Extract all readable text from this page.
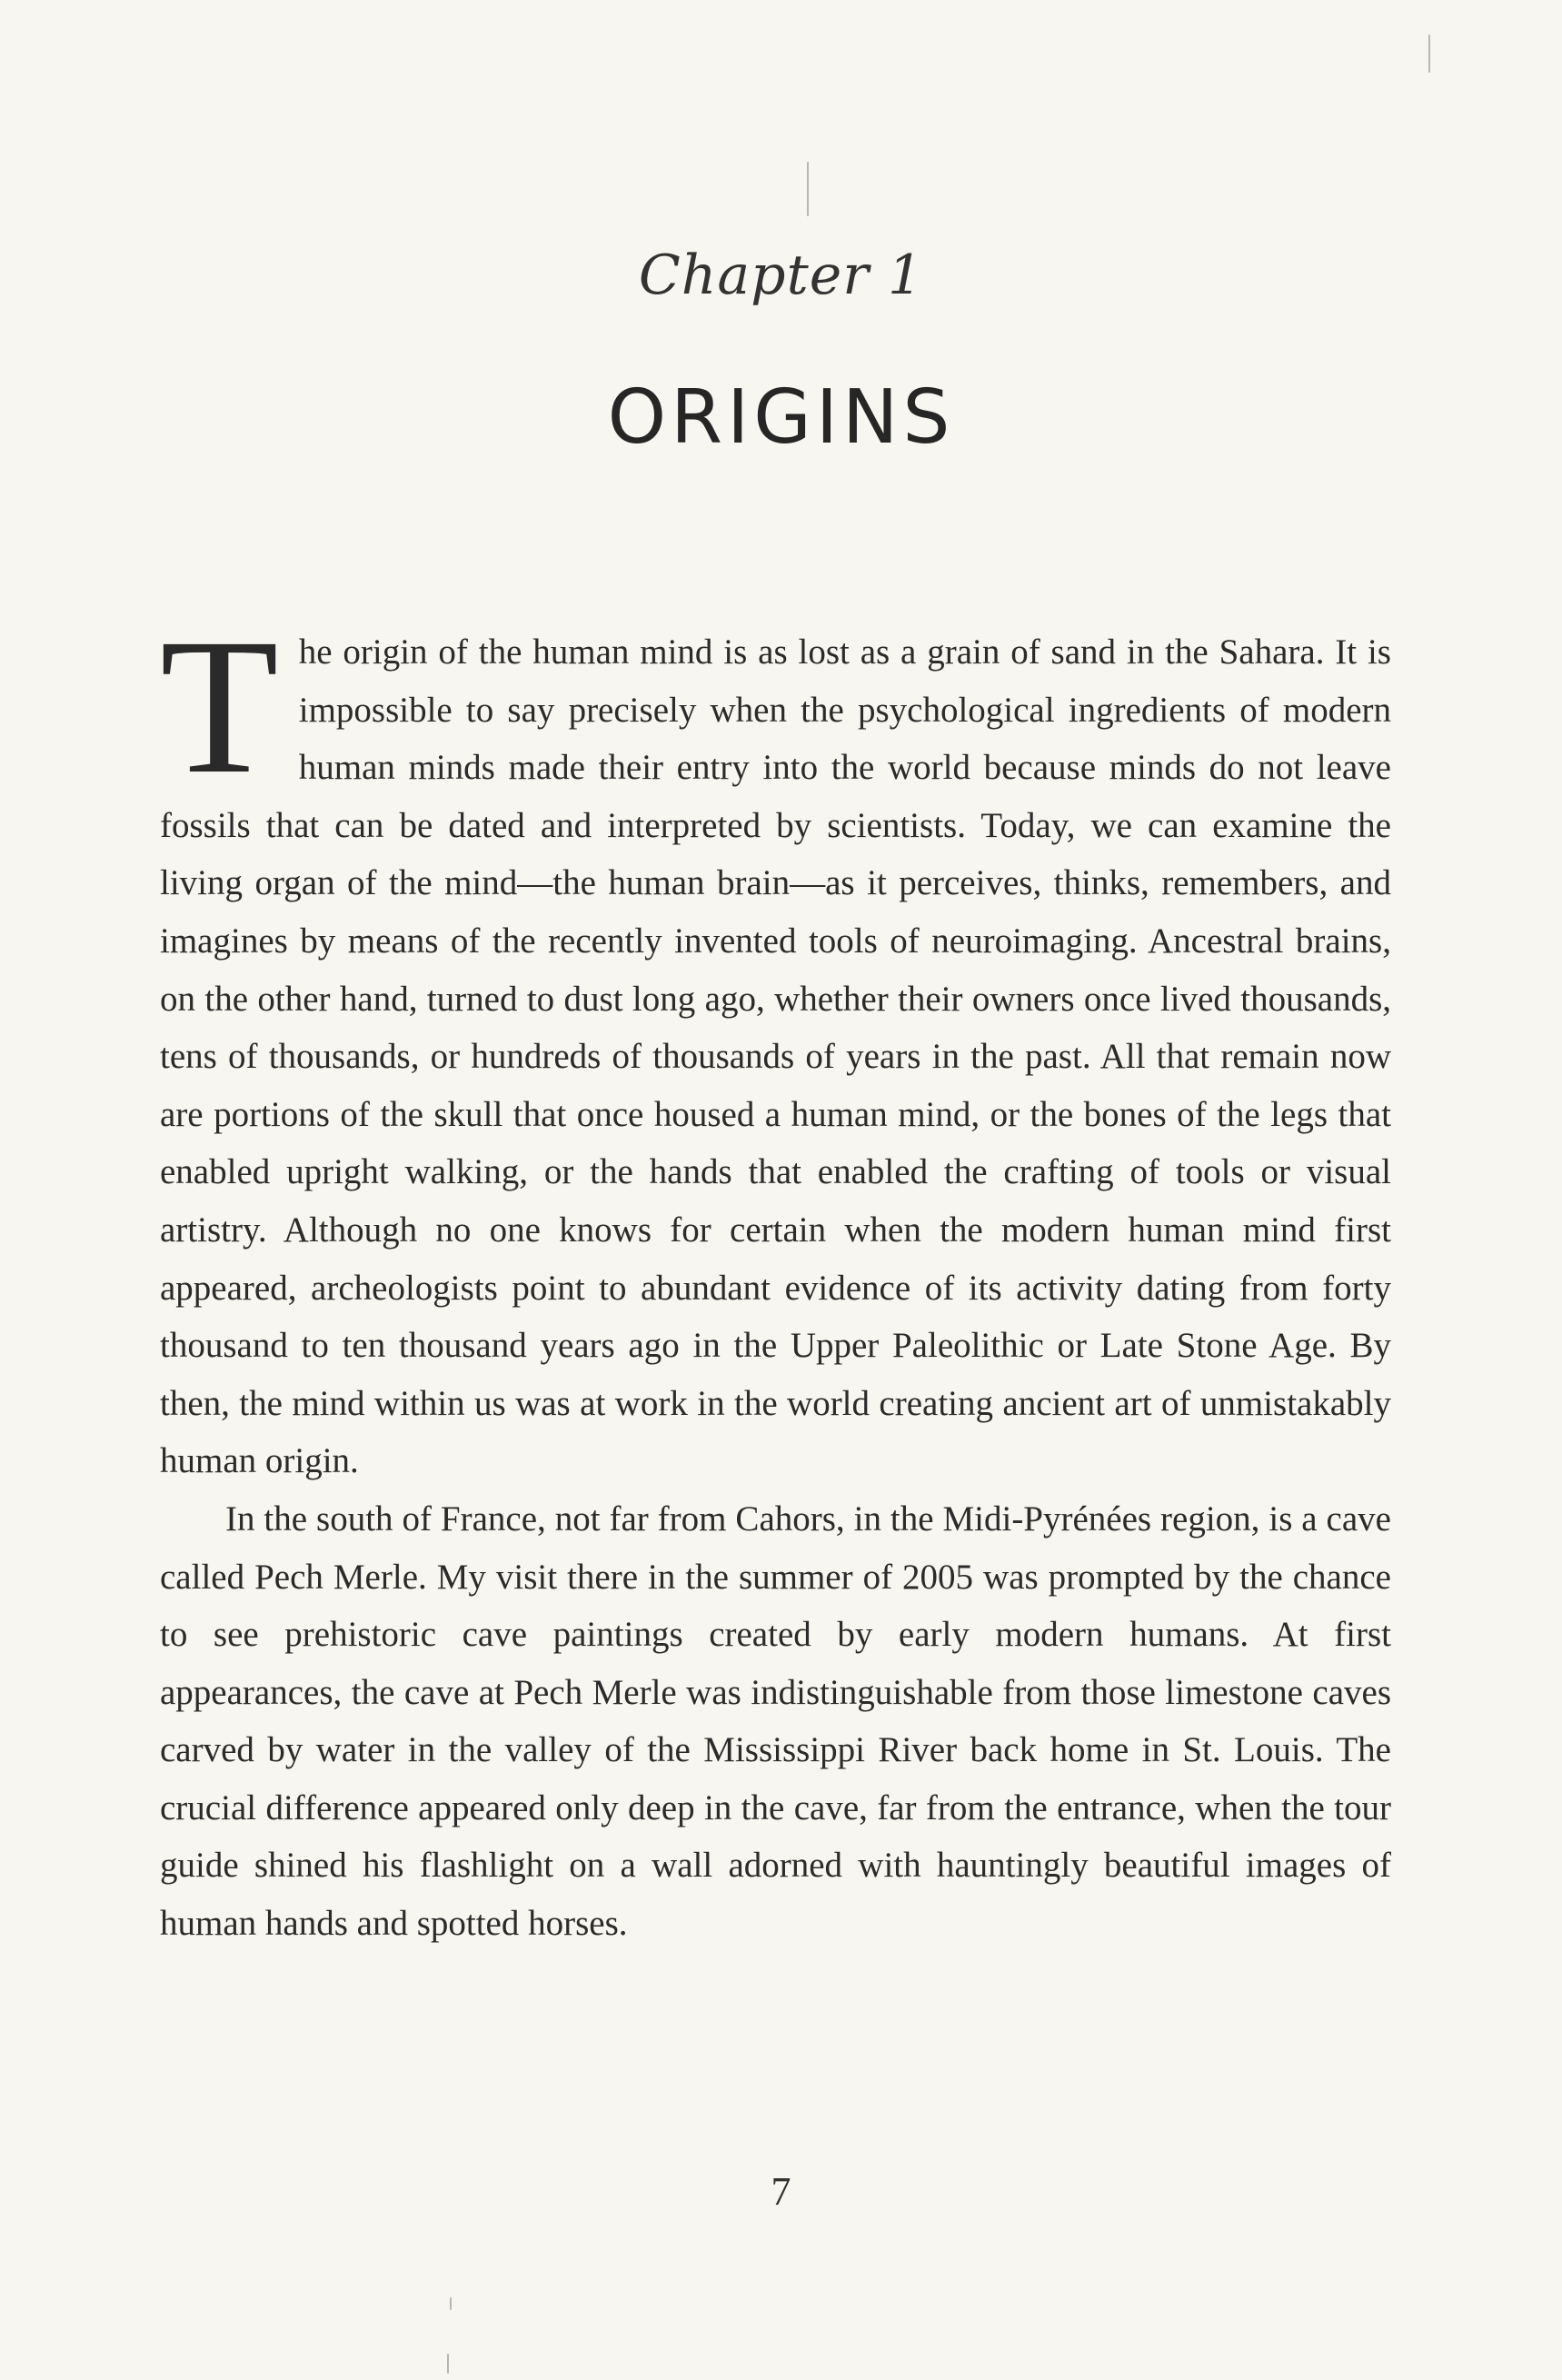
Chapter 1
ORIGINS

The origin of the human mind is as lost as a grain of sand in the Sahara. It is impossible to say precisely when the psychological ingredients of modern human minds made their entry into the world because minds do not leave fossils that can be dated and interpreted by scientists. Today, we can examine the living organ of the mind—the human brain—as it perceives, thinks, remembers, and imagines by means of the recently invented tools of neuroimaging. Ancestral brains, on the other hand, turned to dust long ago, whether their owners once lived thousands, tens of thousands, or hundreds of thousands of years in the past. All that remain now are portions of the skull that once housed a human mind, or the bones of the legs that enabled upright walking, or the hands that enabled the crafting of tools or visual artistry. Although no one knows for certain when the modern human mind first appeared, archeologists point to abundant evidence of its activity dating from forty thousand to ten thousand years ago in the Upper Paleolithic or Late Stone Age. By then, the mind within us was at work in the world creating ancient art of unmistakably human origin.

In the south of France, not far from Cahors, in the Midi-Pyrénées region, is a cave called Pech Merle. My visit there in the summer of 2005 was prompted by the chance to see prehistoric cave paintings created by early modern humans. At first appearances, the cave at Pech Merle was indistinguishable from those limestone caves carved by water in the valley of the Mississippi River back home in St. Louis. The crucial difference appeared only deep in the cave, far from the entrance, when the tour guide shined his flashlight on a wall adorned with hauntingly beautiful images of human hands and spotted horses.

7
